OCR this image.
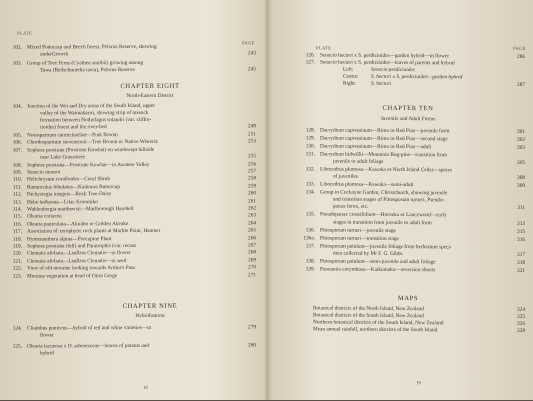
PLATE
PAGE
102. Mixed Podocarp and Beech forest, Pelorus Reserve, showing
underGrowth	243
103. Group of Tree Ferns (Cyathea smithii) growing among
Tawa (Beilschmiedia tawa), Pelorus Reserve	245
CHAPTER EIGHT
North-Eastern District
104. Junction of the Wet and Dry areas of the South Island, upper
valley of the Waimakariri, showing strip of tussock
formation between Nothofagus solandri (var. cliffor-
tioides) forest and the river-bed	249
105. Notospartium carmichaeliae—Pink Broom	251
106. Chordospartium stevensonii—Tree Broom or Native Wisteria	253
107. Sophora prostrata (Prostrate Kowhai) on windswept hillside
near Lake Grassmere	255
108. Sophora prostrata—Prostrate Kowhai—in Awatere Valley	256
109. Senecio monroi	257
110. Helichrysum coralloides—Coral Shrub	258
111. Ranunculus lobulatus—Kaikoura Buttercup	259
112. Pachystegia insignis—Rock Tree-Daisy	260
113. Hebe hulkeana—Lilac Koromiko	261
114. Wahlenbergia matthewsii—Marlborough Harebell	262
115. Olearia coriacea	263
116. Olearia paniculata—Akiraho or Golden Akeake	264
117. Association of xerophytic rock plants at Marble Point, Hanmer	265
118. Hymenanthera alpina—Porcupine Plant	266
119. Sophora prostrata (left) and Paratrophis (var. recent	267
120. Clematis afoliata—Leafless Clematis—in flower	268
121. Clematis afoliata—Leafless Clematis—in seed	269
122. View of old moraine looking towards Arthur's Pass	270
123. Moraine vegetation at head of Otira Gorge	271
CHAPTER NINE
Hybridisation
124. Clianthus puniceus—hybrid of red and white varieties—in	279
flower
125. Olearia lacunosa x O. arborescens—leaves of parents and	280
hybrid
18
PLATE	PAGE
126. Senecio hectori x S. perdicioides—garden hybrid—in flower	286
127. Senecio hectori x S. perdicioides—leaves of parents and hybrid
Left:	Senecio perdicioides
Centre: S. hectori x S. perdicioides—garden hybrid
Right:	S. hectori	287
CHAPTER TEN
Juvenile and Adult Forms
128. Dacrydium cupressinum—Rimu or Red Pine—juvenile form	301
129. Dacrydium cupressinum—Rimu or Red Pine—second stage	302
130. Dacrydium cupressinum—Rimu or Red Pine—adult	303
131. Dacrydium bidwillii—Mountain Bog-pine—transition from
juvenile to adult foliage	305
132. Libocedrus plumosa—Kawaka or North Island Cedar—sprays
of juveniles	308
133. Libocedrus plumosa—Kawaka—semi-adult	309
134. Group in Cockayne Garden, Christchurch, showing juvenile
and transition stages of Pittosporum turneri, Pseudo-
panax ferox, etc.	311
135. Pseudopanax crassifolium—Horoeka or Lancewood—early
stages in transition from juvenile to adult form	313
136. Pittosporum turneri—juvenile stage	315
136a. Pittosporum turneri—transition stage	316
137. Pittosporum patulum—juvenile foliage from herbarium speci-
men collected by Mr F. G. Gibbs	317
138. Pittosporum patulum—semi-juvenile and adult foliage	318
139. Pennantia corymbosa—Kaikomako—reversion shoots	321
MAPS
Botanical districts of the North Island, New Zealand	324
Botanical districts of the South Island, New Zealand	325
Northern botanical districts of the South Island, New Zealand	326
Mean annual rainfall, northern districts of the South Island	328
19
